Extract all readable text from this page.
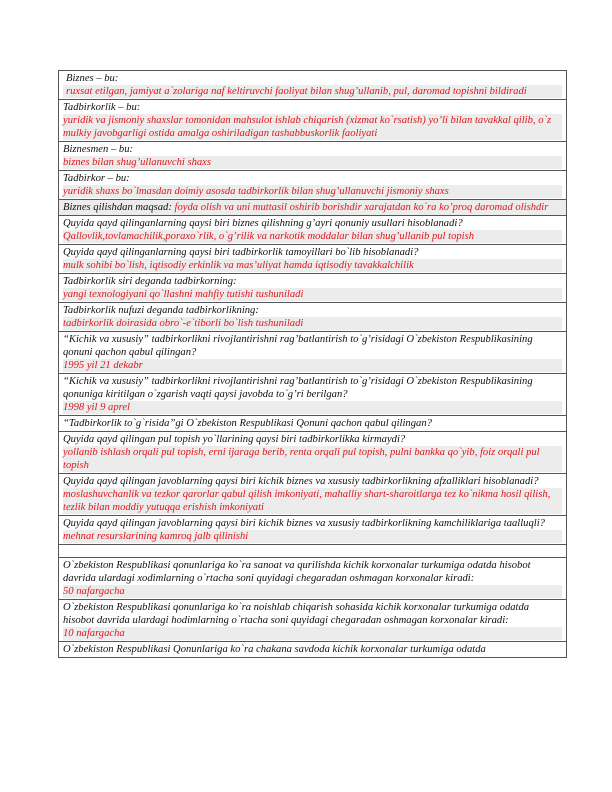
Biznes – bu:
ruxsat etilgan, jamiyat a`zolariga naf keltiruvchi faoliyat bilan shug’ullanib, pul, daromad topishni bildiradi
Tadbirkorlik – bu:
yuridik va jismoniy shaxslar tomonidan mahsulot ishlab chiqarish (xizmat ko`rsatish) yo’li bilan tavakkal qilib, o`z mulkiy javobgarligi ostida amalga oshiriladigan tashabbuskorlik faoliyati
Biznesmen – bu:
biznes bilan shug’ullanuvchi shaxs
Tadbirkor – bu:
yuridik shaxs bo`lmasdan doimiy asosda tadbirkorlik bilan shug’ullanuvchi jismoniy shaxs
Biznes qilishdan maqsad: foyda olish va uni muttasil oshirib borishdir xarajatdan ko`ra ko’proq daromad olishdir
Quyida qayd qilinganlarning qaysi biri biznes qilishning g’ayri qonuniy usullari hisoblanadi?
Qallovlik,tovlamachilik,poraxo`rlik, o`g’rilik va narkotik moddalar bilan shug’ullanib pul topish
Quyida qayd qilinganlarning qaysi biri tadbirkorlik tamoyillari bo`lib hisoblanadi?
mulk sohibi bo`lish, iqtisodiy erkinlik va mas’uliyat hamda iqtisodiy tavakkalchilik
Tadbirkorlik siri deganda tadbirkorning:
yangi texnologiyani qo`llashni mahfiy tutishi tushuniladi
Tadbirkorlik nufuzi deganda tadbirkorlikning:
tadbirkorlik doirasida obro`-e`tiborli bo`lish tushuniladi
“Kichik va xususiy” tadbirkorlikni rivojlantirishni rag’batlantirish to`g’risidagi O`zbekiston Respublikasining qonuni qachon qabul qilingan?
1995 yil 21 dekabr
“Kichik va xususiy” tadbirkorlikni rivojlantirishni rag’batlantirish to`g’risidagi O`zbekiston Respublikasining qonuniga kiritilgan o`zgarish vaqti qaysi javobda to`g’ri berilgan?
1998 yil 9 aprel
“Tadbirkorlik to`g`risida”gi O`zbekiston Respublikasi Qonuni qachon qabul qilingan?
Quyida qayd qilingan pul topish yo`llarining qaysi biri tadbirkorlikka kirmaydi?
yollanib ishlash orqali pul topish, erni ijaraga berib, renta orqali pul topish, pulni bankka qo`yib, foiz orqali pul topish
Quyida qayd qilingan javoblarning qaysi biri kichik biznes va xususiy tadbirkorlikning afzalliklari hisoblanadi?
moslashuvchanlik va tezkor qarorlar qabul qilish imkoniyati, mahalliy shart-sharoitlarga tez ko`nikma hosil qilish, tezlik bilan moddiy yutuqqa erishish imkoniyati
Quyida qayd qilingan javoblarning qaysi biri kichik biznes va xususiy tadbirkorlikning kamchiliklariga taalluqli?
mehnat resurslarining kamroq jalb qilinishi
O`zbekiston Respublikasi qonunlariga ko`ra sanoat va qurilishda kichik korxonalar turkumiga odatda hisobot davrida ulardagi xodimlarning o`rtacha soni quyidagi chegaradan oshmagan korxonalar kiradi:
50 nafargacha
O`zbekiston Respublikasi qonunlariga ko`ra noishlab chiqarish sohasida kichik korxonalar turkumiga odatda hisobot davrida ulardagi hodimlarning o`rtacha soni quyidagi chegaradan oshmagan korxonalar kiradi:
10 nafargacha
O`zbekiston Respublikasi Qonunlariga ko`ra chakana savdoda kichik korxonalar turkumiga odatda
